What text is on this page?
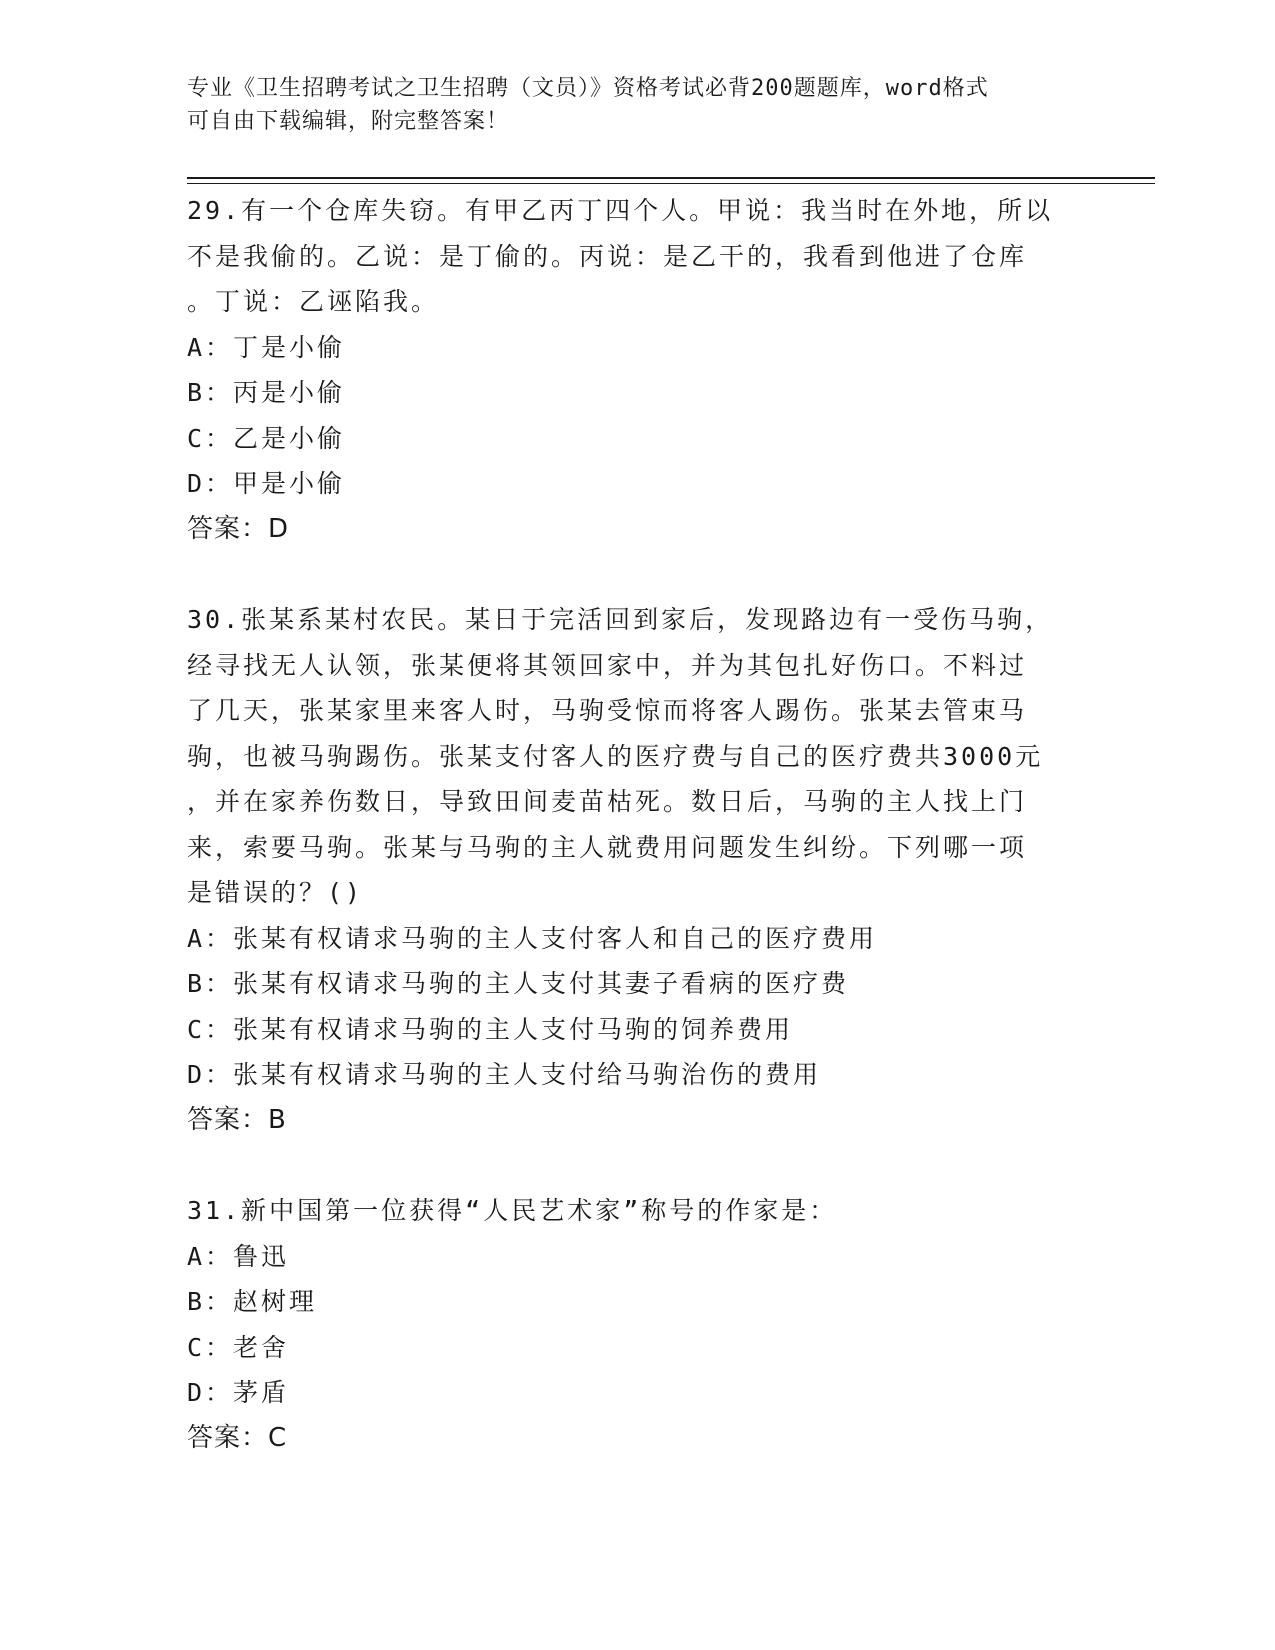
专业《卫生招聘考试之卫生招聘（文员）》资格考试必背200题题库，word格式
可自由下载编辑，附完整答案！
29.有一个仓库失窃。有甲乙丙丁四个人。甲说：我当时在外地，所以
不是我偷的。乙说：是丁偷的。丙说：是乙干的，我看到他进了仓库
。丁说：乙诬陷我。
A：丁是小偷
B：丙是小偷
C：乙是小偷
D：甲是小偷
答案：D
30.张某系某村农民。某日于完活回到家后，发现路边有一受伤马驹，
经寻找无人认领，张某便将其领回家中，并为其包扎好伤口。不料过
了几天，张某家里来客人时，马驹受惊而将客人踢伤。张某去管束马
驹，也被马驹踢伤。张某支付客人的医疗费与自己的医疗费共3000元
，并在家养伤数日，导致田间麦苗枯死。数日后，马驹的主人找上门
来，索要马驹。张某与马驹的主人就费用问题发生纠纷。下列哪一项
是错误的？()
A：张某有权请求马驹的主人支付客人和自己的医疗费用
B：张某有权请求马驹的主人支付其妻子看病的医疗费
C：张某有权请求马驹的主人支付马驹的饲养费用
D：张某有权请求马驹的主人支付给马驹治伤的费用
答案：B
31.新中国第一位获得“人民艺术家”称号的作家是：
A：鲁迅
B：赵树理
C：老舍
D：茅盾
答案：C
